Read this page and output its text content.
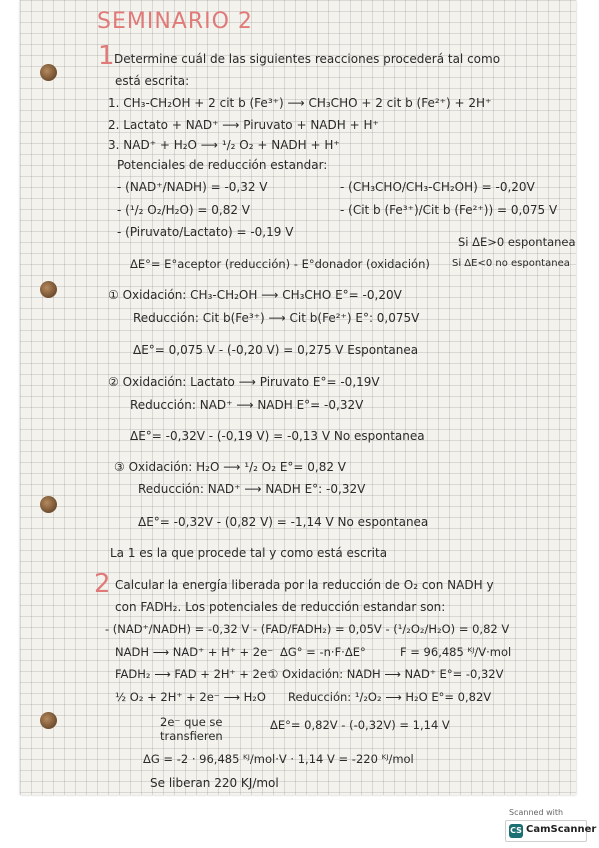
SEMINARIO 2
1 Determine cuál de las siguientes reacciones procederá tal como
está escrita:
1. CH₃-CH₂OH + 2 cit b (Fe³⁺) ⟶ CH₃CHO + 2 cit b (Fe²⁺) + 2H⁺
2. Lactato + NAD⁺ ⟶ Piruvato + NADH + H⁺
3. NAD⁺ + H₂O ⟶ ¹/₂ O₂ + NADH + H⁺
Potenciales de reducción estandar:
- (NAD⁺/NADH) = -0,32 V	- (CH₃CHO/CH₃-CH₂OH) = -0,20V
- (¹/₂ O₂/H₂O) = 0,82 V	- (Cit b (Fe³⁺)/Cit b (Fe²⁺)) = 0,075 V
- (Piruvato/Lactato) = -0,19 V
Si ΔE>0 espontanea
ΔE°= E°aceptor (reducción) - E°donador (oxidación) Si ΔE<0 no espontanea
① Oxidación: CH₃-CH₂OH ⟶ CH₃CHO E°= -0,20V
Reducción: Cit b(Fe³⁺) ⟶ Cit b(Fe²⁺) E°: 0,075V
ΔE°= 0,075 V - (-0,20 V) = 0,275 V Espontanea
② Oxidación: Lactato ⟶ Piruvato E°= -0,19V
Reducción: NAD⁺ ⟶ NADH E°= -0,32V
ΔE°= -0,32V - (-0,19 V) = -0,13 V No espontanea
③ Oxidación: H₂O ⟶ ¹/₂ O₂ E°= 0,82 V
Reducción: NAD⁺ ⟶ NADH E°: -0,32V
ΔE°= -0,32V - (0,82 V) = -1,14 V No espontanea
La 1 es la que procede tal y como está escrita
2 Calcular la energía liberada por la reducción de O₂ con NADH y
con FADH₂. Los potenciales de reducción estandar son:
- (NAD⁺/NADH) = -0,32 V - (FAD/FADH₂) = 0,05V - (¹/₂O₂/H₂O) = 0,82 V
NADH ⟶ NAD⁺ + H⁺ + 2e⁻ ΔG° = -n·F·ΔE°	F = 96,485 ᴷᴶ/V·mol
FADH₂ ⟶ FAD + 2H⁺ + 2e⁻
① Oxidación: NADH ⟶ NAD⁺ E°= -0,32V
½ O₂ + 2H⁺ + 2e⁻ ⟶ H₂O Reducción: ¹/₂O₂ ⟶ H₂O E°= 0,82V
2e⁻ que se
transfieren
ΔE°= 0,82V - (-0,32V) = 1,14 V
ΔG = -2 · 96,485 ᴷᴶ/mol·V · 1,14 V = -220 ᴷᴶ/mol
Se liberan 220 KJ/mol
Scanned with
CS CamScanner
